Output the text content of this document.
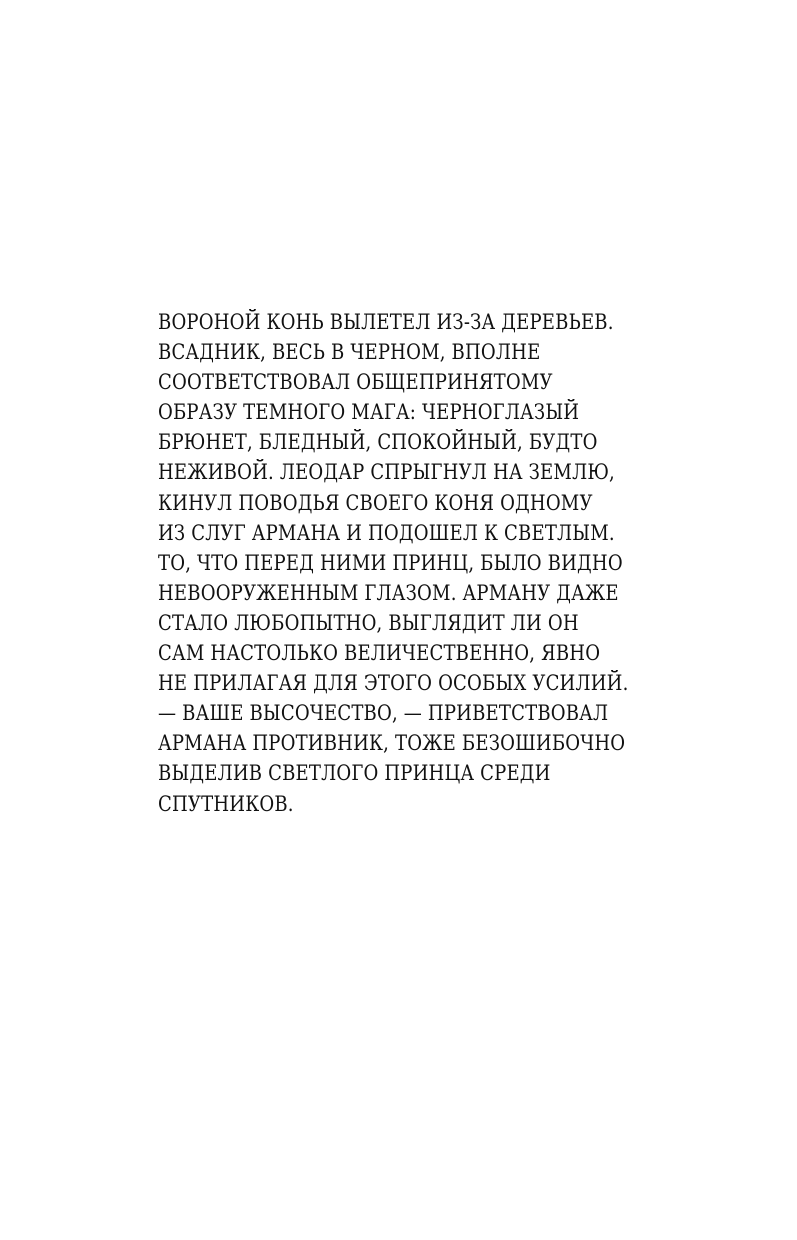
ВОРОНОЙ КОНЬ ВЫЛЕТЕЛ ИЗ-ЗА ДЕРЕВЬЕВ.
ВСАДНИК, ВЕСЬ В ЧЕРНОМ, ВПОЛНЕ
СООТВЕТСТВОВАЛ ОБЩЕПРИНЯТОМУ
ОБРАЗУ ТЕМНОГО МАГА: ЧЕРНОГЛАЗЫЙ
БРЮНЕТ, БЛЕДНЫЙ, СПОКОЙНЫЙ, БУДТО
НЕЖИВОЙ. ЛЕОДАР СПРЫГНУЛ НА ЗЕМЛЮ,
КИНУЛ ПОВОДЬЯ СВОЕГО КОНЯ ОДНОМУ
ИЗ СЛУГ АРМАНА И ПОДОШЕЛ К СВЕТЛЫМ.
ТО, ЧТО ПЕРЕД НИМИ ПРИНЦ, БЫЛО ВИДНО
НЕВООРУЖЕННЫМ ГЛАЗОМ. АРМАНУ ДАЖЕ
СТАЛО ЛЮБОПЫТНО, ВЫГЛЯДИТ ЛИ ОН
САМ НАСТОЛЬКО ВЕЛИЧЕСТВЕННО, ЯВНО
НЕ ПРИЛАГАЯ ДЛЯ ЭТОГО ОСОБЫХ УСИЛИЙ.
— ВАШЕ ВЫСОЧЕСТВО, — ПРИВЕТСТВОВАЛ
АРМАНА ПРОТИВНИК, ТОЖЕ БЕЗОШИБОЧНО
ВЫДЕЛИВ СВЕТЛОГО ПРИНЦА СРЕДИ
СПУТНИКОВ.
